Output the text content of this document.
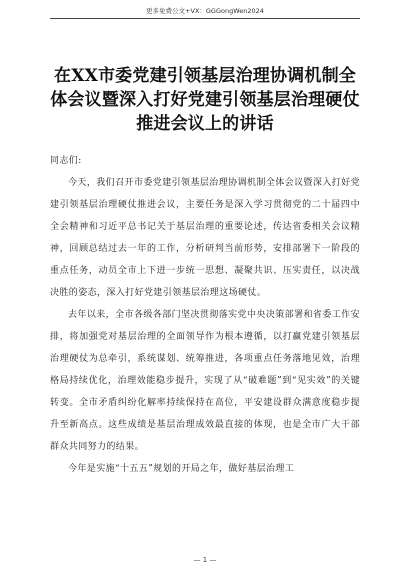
更多免费公文+VX：GGGongWen2024
在XX市委党建引领基层治理协调机制全体会议暨深入打好党建引领基层治理硬仗推进会议上的讲话

同志们:

今天，我们召开市委党建引领基层治理协调机制全体会议暨深入打好党建引领基层治理硬仗推进会议，主要任务是深入学习贯彻党的二十届四中全会精神和习近平总书记关于基层治理的重要论述，传达省委相关会议精神，回顾总结过去一年的工作，分析研判当前形势，安排部署下一阶段的重点任务，动员全市上下进一步统一思想、凝聚共识、压实责任，以决战决胜的姿态，深入打好党建引领基层治理这场硬仗。

去年以来，全市各级各部门坚决贯彻落实党中央决策部署和省委工作安排，将加强党对基层治理的全面领导作为根本遵循，以打赢党建引领基层治理硬仗为总牵引，系统谋划、统筹推进，各项重点任务落地见效，治理格局持续优化，治理效能稳步提升，实现了从“破难题”到“见实效”的关键转变。全市矛盾纠纷化解率持续保持在高位，平安建设群众满意度稳步提升至新高点。这些成绩是基层治理成效最直接的体现，也是全市广大干部群众共同努力的结果。

今年是实施“十五五”规划的开局之年，做好基层治理工

— 1 —
